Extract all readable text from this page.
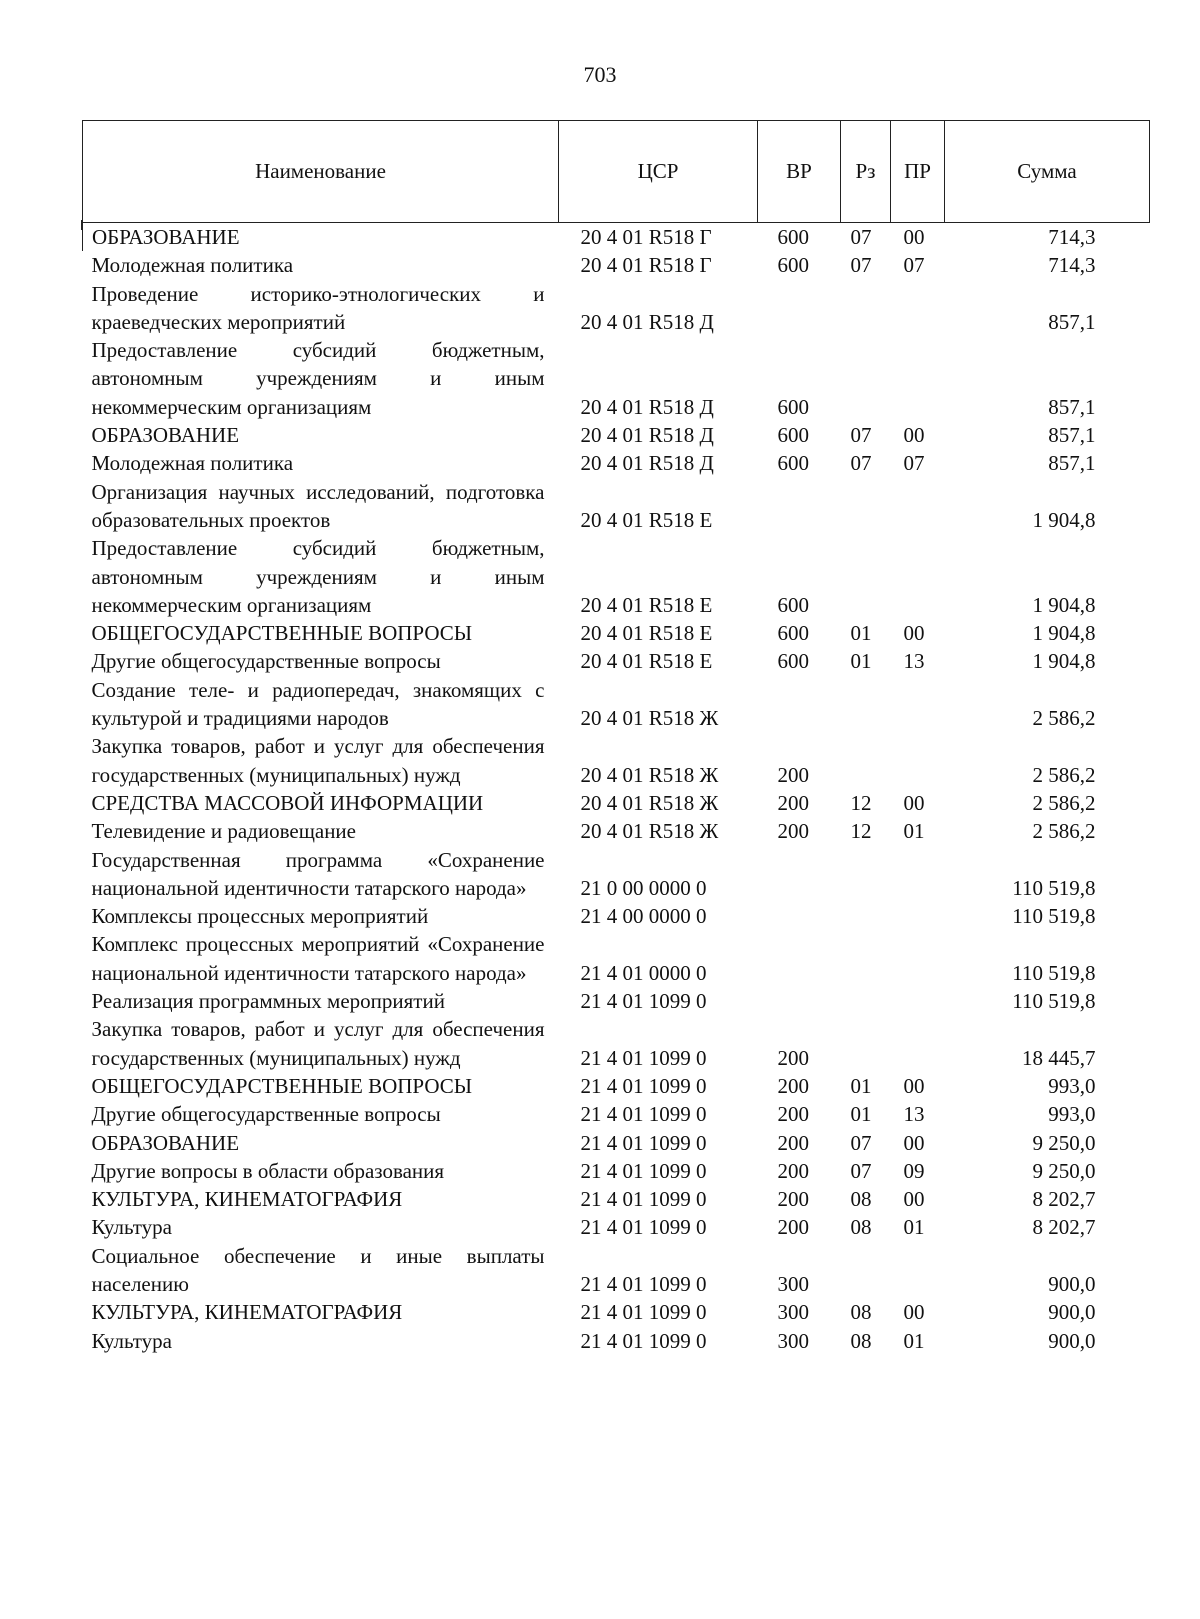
703
Наименование	ЦСР	ВР	Рз	ПР	Сумма
ОБРАЗОВАНИЕ	20 4 01 R518 Г	600	07	00	714,3
Молодежная политика	20 4 01 R518 Г	600	07	07	714,3
Проведение историко-этнологических и краеведческих мероприятий	20 4 01 R518 Д				857,1
Предоставление субсидий бюджетным, автономным учреждениям и иным некоммерческим организациям	20 4 01 R518 Д	600			857,1
ОБРАЗОВАНИЕ	20 4 01 R518 Д	600	07	00	857,1
Молодежная политика	20 4 01 R518 Д	600	07	07	857,1
Организация научных исследований, подготовка образовательных проектов	20 4 01 R518 Е				1 904,8
Предоставление субсидий бюджетным, автономным учреждениям и иным некоммерческим организациям	20 4 01 R518 Е	600			1 904,8
ОБЩЕГОСУДАРСТВЕННЫЕ ВОПРОСЫ	20 4 01 R518 Е	600	01	00	1 904,8
Другие общегосударственные вопросы	20 4 01 R518 Е	600	01	13	1 904,8
Создание теле- и радиопередач, знакомящих с культурой и традициями народов	20 4 01 R518 Ж				2 586,2
Закупка товаров, работ и услуг для обеспечения государственных (муниципальных) нужд	20 4 01 R518 Ж	200			2 586,2
СРЕДСТВА МАССОВОЙ ИНФОРМАЦИИ	20 4 01 R518 Ж	200	12	00	2 586,2
Телевидение и радиовещание	20 4 01 R518 Ж	200	12	01	2 586,2
Государственная программа «Сохранение национальной идентичности татарского народа»	21 0 00 0000 0				110 519,8
Комплексы процессных мероприятий	21 4 00 0000 0				110 519,8
Комплекс процессных мероприятий «Сохранение национальной идентичности татарского народа»	21 4 01 0000 0				110 519,8
Реализация программных мероприятий	21 4 01 1099 0				110 519,8
Закупка товаров, работ и услуг для обеспечения государственных (муниципальных) нужд	21 4 01 1099 0	200			18 445,7
ОБЩЕГОСУДАРСТВЕННЫЕ ВОПРОСЫ	21 4 01 1099 0	200	01	00	993,0
Другие общегосударственные вопросы	21 4 01 1099 0	200	01	13	993,0
ОБРАЗОВАНИЕ	21 4 01 1099 0	200	07	00	9 250,0
Другие вопросы в области образования	21 4 01 1099 0	200	07	09	9 250,0
КУЛЬТУРА, КИНЕМАТОГРАФИЯ	21 4 01 1099 0	200	08	00	8 202,7
Культура	21 4 01 1099 0	200	08	01	8 202,7
Социальное обеспечение и иные выплаты населению	21 4 01 1099 0	300			900,0
КУЛЬТУРА, КИНЕМАТОГРАФИЯ	21 4 01 1099 0	300	08	00	900,0
Культура	21 4 01 1099 0	300	08	01	900,0
